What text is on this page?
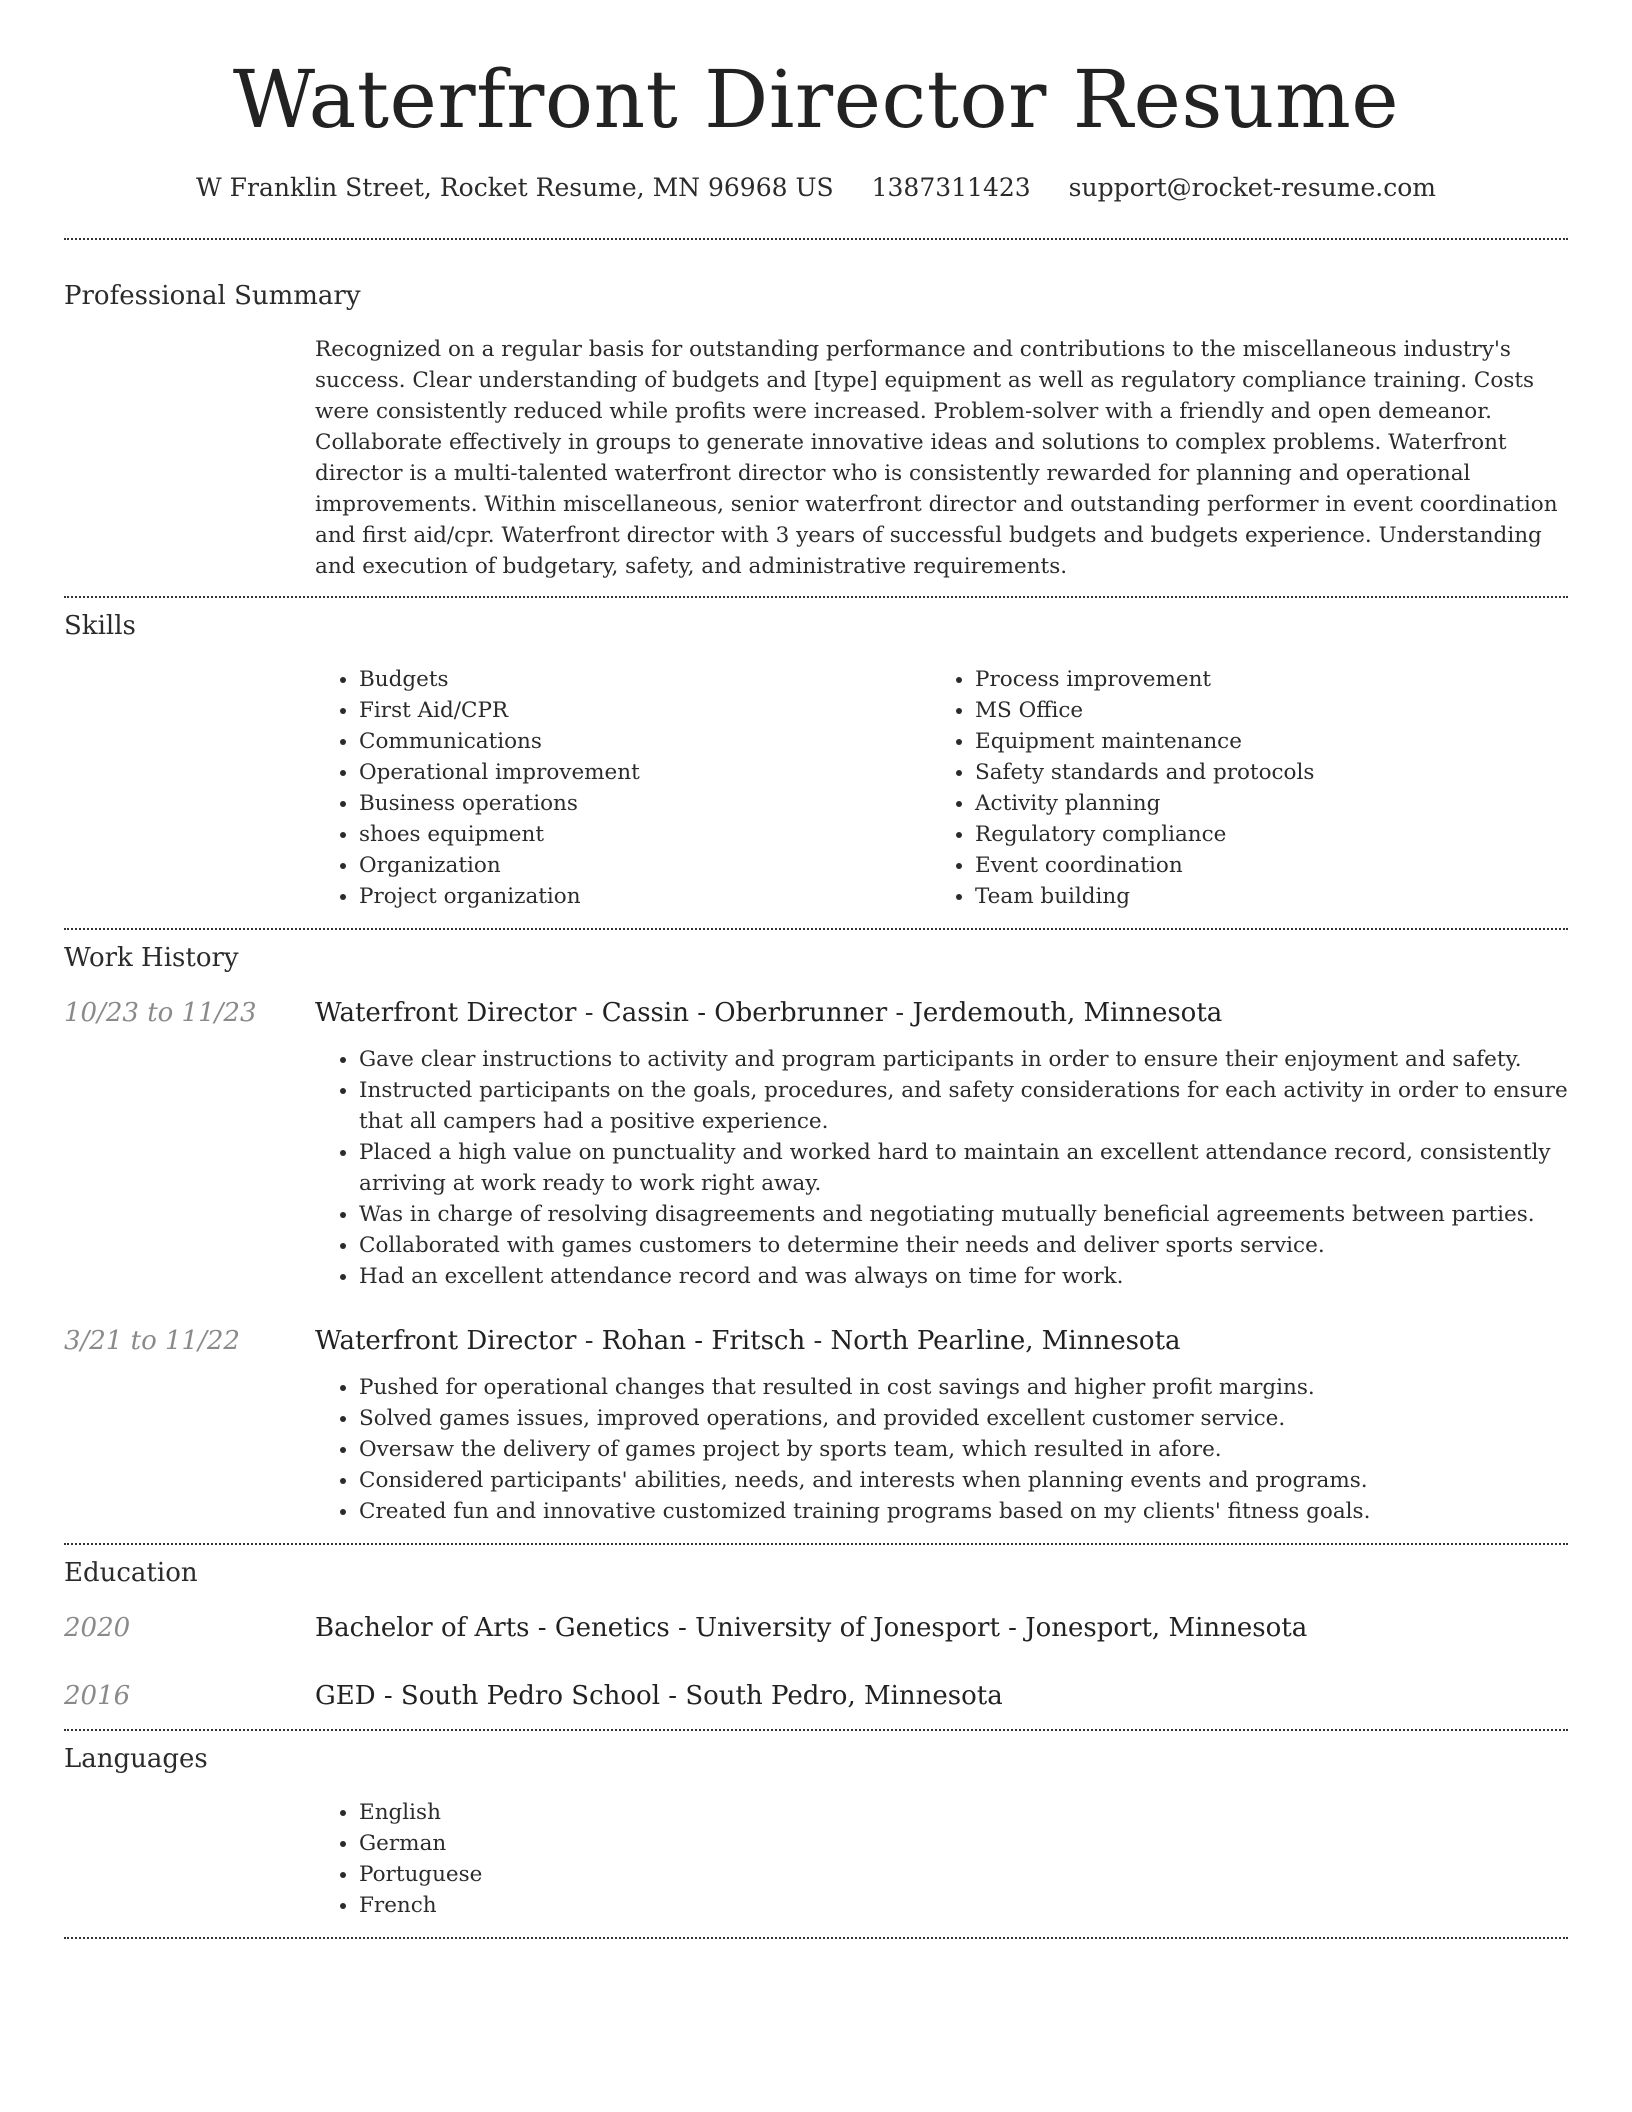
Waterfront Director Resume
W Franklin Street, Rocket Resume, MN 96968 US 1387311423 support@rocket-resume.com
Professional Summary

Recognized on a regular basis for outstanding performance and contributions to the miscellaneous industry's success. Clear understanding of budgets and [type] equipment as well as regulatory compliance training. Costs were consistently reduced while profits were increased. Problem-solver with a friendly and open demeanor. Collaborate effectively in groups to generate innovative ideas and solutions to complex problems. Waterfront director is a multi-talented waterfront director who is consistently rewarded for planning and operational improvements. Within miscellaneous, senior waterfront director and outstanding performer in event coordination and first aid/cpr. Waterfront director with 3 years of successful budgets and budgets experience. Understanding and execution of budgetary, safety, and administrative requirements.

Skills
• Budgets
• First Aid/CPR
• Communications
• Operational improvement
• Business operations
• shoes equipment
• Organization
• Project organization
• Process improvement
• MS Office
• Equipment maintenance
• Safety standards and protocols
• Activity planning
• Regulatory compliance
• Event coordination
• Team building
Work History
10/23 to 11/23	Waterfront Director - Cassin - Oberbrunner - Jerdemouth, Minnesota
• Gave clear instructions to activity and program participants in order to ensure their enjoyment and safety.
• Instructed participants on the goals, procedures, and safety considerations for each activity in order to ensure that all campers had a positive experience.
• Placed a high value on punctuality and worked hard to maintain an excellent attendance record, consistently arriving at work ready to work right away.
• Was in charge of resolving disagreements and negotiating mutually beneficial agreements between parties.
• Collaborated with games customers to determine their needs and deliver sports service.
• Had an excellent attendance record and was always on time for work.
3/21 to 11/22	Waterfront Director - Rohan - Fritsch - North Pearline, Minnesota
• Pushed for operational changes that resulted in cost savings and higher profit margins.
• Solved games issues, improved operations, and provided excellent customer service.
• Oversaw the delivery of games project by sports team, which resulted in afore.
• Considered participants' abilities, needs, and interests when planning events and programs.
• Created fun and innovative customized training programs based on my clients' fitness goals.
Education
2020	Bachelor of Arts - Genetics - University of Jonesport - Jonesport, Minnesota
2016	GED - South Pedro School - South Pedro, Minnesota
Languages
• English
• German
• Portuguese
• French
